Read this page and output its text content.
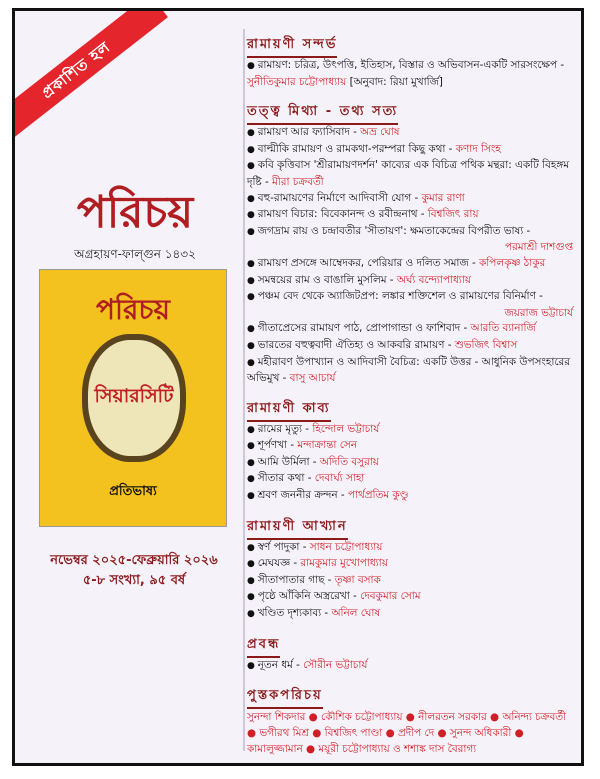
প্রকাশিত হল
পরিচয়
অগ্রহায়ণ-ফাল্গুন ১৪৩২
পরিচয়
সিয়ারসিটি
প্রতিভাষ্য
নভেম্বর ২০২৫-ফেব্রুয়ারি ২০২৬
৫-৮ সংখ্যা, ৯৫ বর্ষ
রামায়ণী সন্দর্ভ
● রামায়ণ: চরিত্র, উৎপত্তি, ইতিহাস, বিস্তার ও অভিবাসন-একটি সারসংক্ষেপ - সুনীতিকুমার চট্টোপাধ্যায় [অনুবাদ: রিয়া মুখার্জি]
তত্ত্ব মিথ্যা - তথ্য সত্য
● রামায়ণ আর ফ্যাসিবাদ - অভ্র ঘোষ
● বাল্মীকি রামায়ণ ও রামকথা-পরম্পরা কিছু কথা - কণাদ সিংহ
● কবি কৃত্তিবাস 'শ্রীরামায়ণদর্শন' কাব্যের এক বিচিত্র পথিক মন্থরা: একটি বিহঙ্গম দৃষ্টি - মীরা চক্রবর্তী
● বহু-রামায়ণের নির্মাণে আদিবাসী যোগ - কুমার রাণা
● রামায়ণ বিচার: বিবেকানন্দ ও রবীন্দ্রনাথ - বিশ্বজিৎ রায়
● জগদ্রাম রায় ও চন্দ্রাবতীর 'সীতায়ণ': ক্ষমতাকেন্দ্রের বিপরীত ভাষ্য -
পরমাশ্রী দাশগুপ্ত
● রামায়ণ প্রসঙ্গে আম্বেদকর, পেরিয়ার ও দলিত সমাজ - কপিলকৃষ্ণ ঠাকুর
● সমন্বয়ের রাম ও বাঙালি মুসলিম - অর্ঘ্য বন্দ্যোপাধ্যায়
● পঞ্চম বেদ থেকে অ্যাজিটপ্রপ: লঙ্কার শক্তিশেল ও রামায়ণের বিনির্মাণ -
জয়রাজ ভট্টাচার্য
● গীতাপ্রেসের রামায়ণ পাঠ, প্রোপাগান্ডা ও ফাশিবাদ - আরতি ব্যানার্জি
● ভারতের বহুত্ববাদী ঐতিহ্য ও আকবরি রামায়ণ - শুভজিৎ বিশ্বাস
● মহীরাবণ উপাখ্যান ও আদিবাসী বৈচিত্র: একটি উত্তর - আধুনিক উপসংহারের অভিমুখ - বাসু আচার্য
রামায়ণী কাব্য
● রামের মৃত্যু - হিন্দোল ভট্টাচার্য
● শূর্পণখা - মন্দাক্রান্তা সেন
● আমি উর্মিলা - অদিতি বসুরায়
● সীতার কথা - দেবার্ঘ্য সাহা
● শ্রবণ জননীর ক্রন্দন - পার্থপ্রতিম কুণ্ডু
রামায়ণী আখ্যান
● স্বর্ণ পাদুকা - সাধন চট্টোপাধ্যায়
● মেঘযজ্ঞ - রামকুমার মুখোপাধ্যায়
● সীতাপাতার গাছ - তৃষ্ণা বসাক
● পৃষ্ঠে আঁকিনি অস্ত্ররেখা - দেবকুমার সোম
● খণ্ডিত দৃশ্যকাব্য - অনিল ঘোষ
প্রবন্ধ
● নূতন ধর্ম - সৌরীন ভট্টাচার্য
পুস্তকপরিচয়
সুনন্দা শিকদার ● কৌশিক চট্টোপাধ্যায় ● নীলরতন সরকার ● অনিন্দ্য চক্রবর্তী ● ভগীরথ মিশ্র ● বিশ্বজিৎ পাণ্ডা ● প্রদীপ দে ● সুনন্দ অধিকারী ● কামালুজ্জামান ● ময়ূরী চট্টোপাধ্যায় ও শশাঙ্ক দাস বৈরাগ্য
